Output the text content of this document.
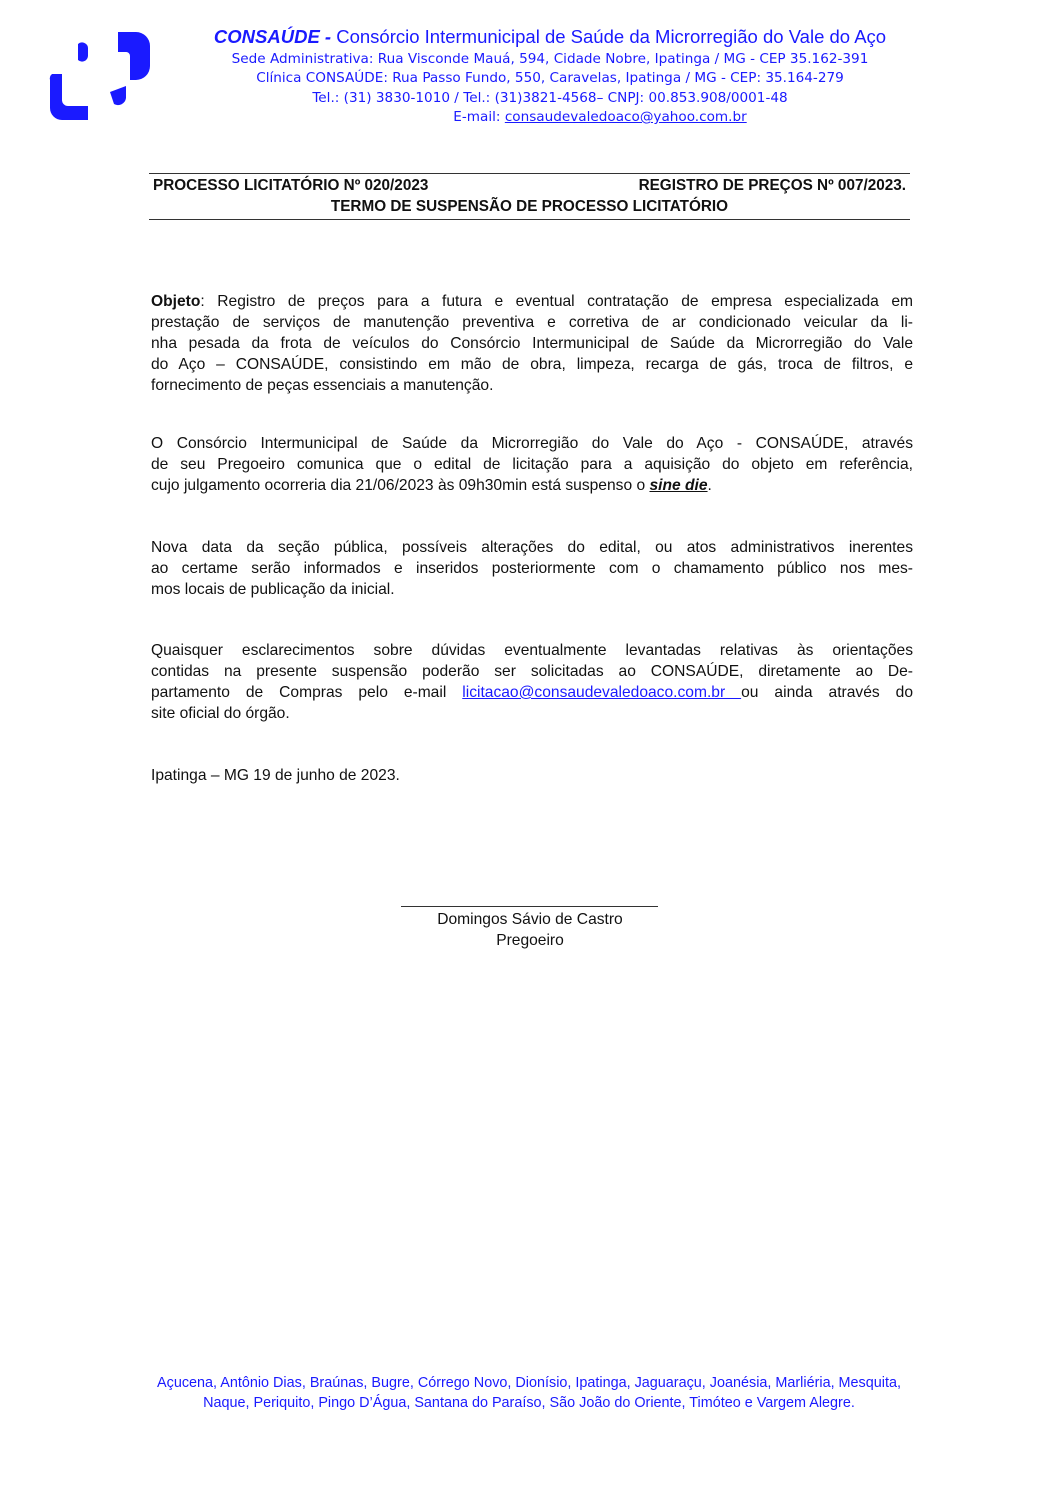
CONSAÚDE - Consórcio Intermunicipal de Saúde da Microrregião do Vale do Aço
Sede Administrativa: Rua Visconde Mauá, 594, Cidade Nobre, Ipatinga / MG - CEP 35.162-391
Clínica CONSAÚDE: Rua Passo Fundo, 550, Caravelas, Ipatinga / MG - CEP: 35.164-279
Tel.: (31) 3830-1010 / Tel.: (31)3821-4568– CNPJ: 00.853.908/0001-48
E-mail: consaudevaledoaco@yahoo.com.br
PROCESSO LICITATÓRIO Nº 020/2023	REGISTRO DE PREÇOS Nº 007/2023.
TERMO DE SUSPENSÃO DE PROCESSO LICITATÓRIO
Objeto: Registro de preços para a futura e eventual contratação de empresa especializada em
prestação de serviços de manutenção preventiva e corretiva de ar condicionado veicular da li-
nha pesada da frota de veículos do Consórcio Intermunicipal de Saúde da Microrregião do Vale
do Aço – CONSAÚDE, consistindo em mão de obra, limpeza, recarga de gás, troca de filtros, e
fornecimento de peças essenciais a manutenção.
O Consórcio Intermunicipal de Saúde da Microrregião do Vale do Aço - CONSAÚDE, através
de seu Pregoeiro comunica que o edital de licitação para a aquisição do objeto em referência,
cujo julgamento ocorreria dia 21/06/2023 às 09h30min está suspenso o sine die.
Nova data da seção pública, possíveis alterações do edital, ou atos administrativos inerentes
ao certame serão informados e inseridos posteriormente com o chamamento público nos mes-
mos locais de publicação da inicial.
Quaisquer esclarecimentos sobre dúvidas eventualmente levantadas relativas às orientações
contidas na presente suspensão poderão ser solicitadas ao CONSAÚDE, diretamente ao De-
partamento de Compras pelo e-mail licitacao@consaudevaledoaco.com.br ou ainda através do
site oficial do órgão.
Ipatinga – MG 19 de junho de 2023.
Domingos Sávio de Castro
Pregoeiro
Açucena, Antônio Dias, Braúnas, Bugre, Córrego Novo, Dionísio, Ipatinga, Jaguaraçu, Joanésia, Marliéria, Mesquita,
Naque, Periquito, Pingo D’Água, Santana do Paraíso, São João do Oriente, Timóteo e Vargem Alegre.
